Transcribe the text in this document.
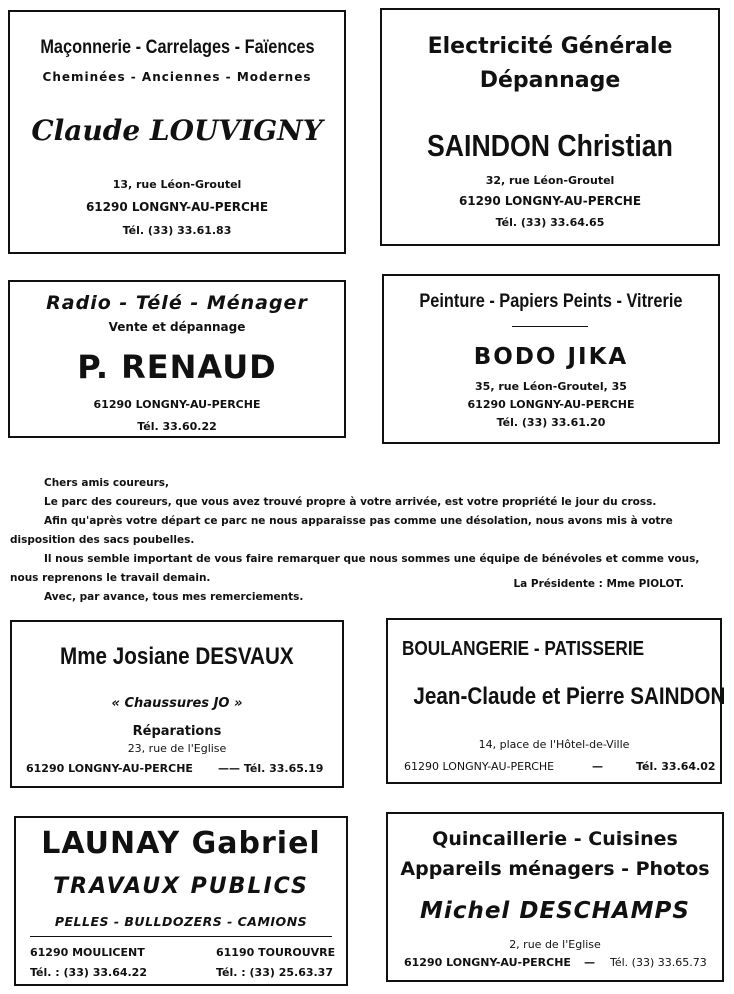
Maçonnerie - Carrelages - Faïences
Cheminées - Anciennes - Modernes
Claude LOUVIGNY
13, rue Léon-Groutel
61290 LONGNY-AU-PERCHE
Tél. (33) 33.61.83
Electricité Générale
Dépannage
SAINDON Christian
32, rue Léon-Groutel
61290 LONGNY-AU-PERCHE
Tél. (33) 33.64.65
Radio - Télé - Ménager
Vente et dépannage
P. RENAUD
61290 LONGNY-AU-PERCHE
Tél. 33.60.22
Peinture - Papiers Peints - Vitrerie
BODO JIKA
35, rue Léon-Groutel, 35
61290 LONGNY-AU-PERCHE
Tél. (33) 33.61.20

Chers amis coureurs,

Le parc des coureurs, que vous avez trouvé propre à votre arrivée, est votre propriété le jour du cross.

Afin qu'après votre départ ce parc ne nous apparaisse pas comme une désolation, nous avons mis à votre disposition des sacs poubelles.

Il nous semble important de vous faire remarquer que nous sommes une équipe de bénévoles et comme vous, nous reprenons le travail demain.

Avec, par avance, tous mes remerciements.

La Présidente : Mme PIOLOT.
Mme Josiane DESVAUX
« Chaussures JO »
Réparations
23, rue de l'Eglise
61290 LONGNY-AU-PERCHE —— Tél. 33.65.19
BOULANGERIE - PATISSERIE
Jean-Claude et Pierre SAINDON
14, place de l'Hôtel-de-Ville
61290 LONGNY-AU-PERCHE	—	Tél. 33.64.02
LAUNAY Gabriel
TRAVAUX PUBLICS
PELLES - BULLDOZERS - CAMIONS
61290 MOULICENT	61190 TOUROUVRE
Tél. : (33) 33.64.22	Tél. : (33) 25.63.37
Quincaillerie - Cuisines
Appareils ménagers - Photos
Michel DESCHAMPS
2, rue de l'Eglise
61290 LONGNY-AU-PERCHE — Tél. (33) 33.65.73
